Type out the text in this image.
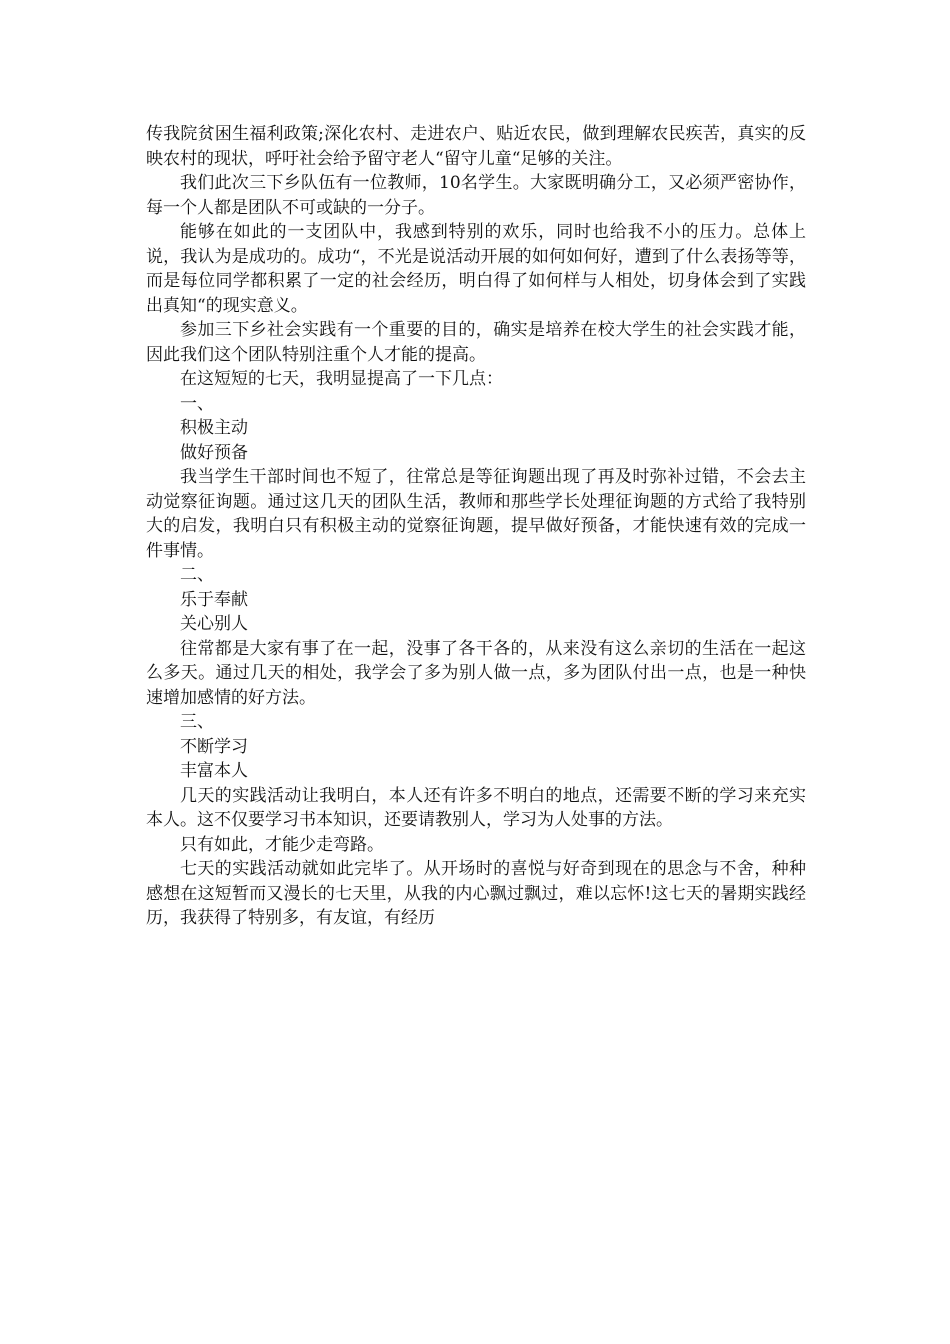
传我院贫困生福利政策;深化农村、走进农户、贴近农民，做到理解农民疾苦，真实的反映农村的现状，呼吁社会给予留守老人“留守儿童“足够的关注。

我们此次三下乡队伍有一位教师，10名学生。大家既明确分工，又必须严密协作，每一个人都是团队不可或缺的一分子。

能够在如此的一支团队中，我感到特别的欢乐，同时也给我不小的压力。总体上说，我认为是成功的。成功“，不光是说活动开展的如何如何好，遭到了什么表扬等等，而是每位同学都积累了一定的社会经历，明白得了如何样与人相处，切身体会到了实践出真知“的现实意义。

参加三下乡社会实践有一个重要的目的，确实是培养在校大学生的社会实践才能，因此我们这个团队特别注重个人才能的提高。

在这短短的七天，我明显提高了一下几点：

一、

积极主动

做好预备

我当学生干部时间也不短了，往常总是等征询题出现了再及时弥补过错，不会去主动觉察征询题。通过这几天的团队生活，教师和那些学长处理征询题的方式给了我特别大的启发，我明白只有积极主动的觉察征询题，提早做好预备，才能快速有效的完成一件事情。

二、

乐于奉献

关心别人

往常都是大家有事了在一起，没事了各干各的，从来没有这么亲切的生活在一起这么多天。通过几天的相处，我学会了多为别人做一点，多为团队付出一点，也是一种快速增加感情的好方法。

三、

不断学习

丰富本人

几天的实践活动让我明白，本人还有许多不明白的地点，还需要不断的学习来充实本人。这不仅要学习书本知识，还要请教别人，学习为人处事的方法。

只有如此，才能少走弯路。

七天的实践活动就如此完毕了。从开场时的喜悦与好奇到现在的思念与不舍，种种感想在这短暂而又漫长的七天里，从我的内心飘过飘过，难以忘怀!这七天的暑期实践经历，我获得了特别多，有友谊，有经历
